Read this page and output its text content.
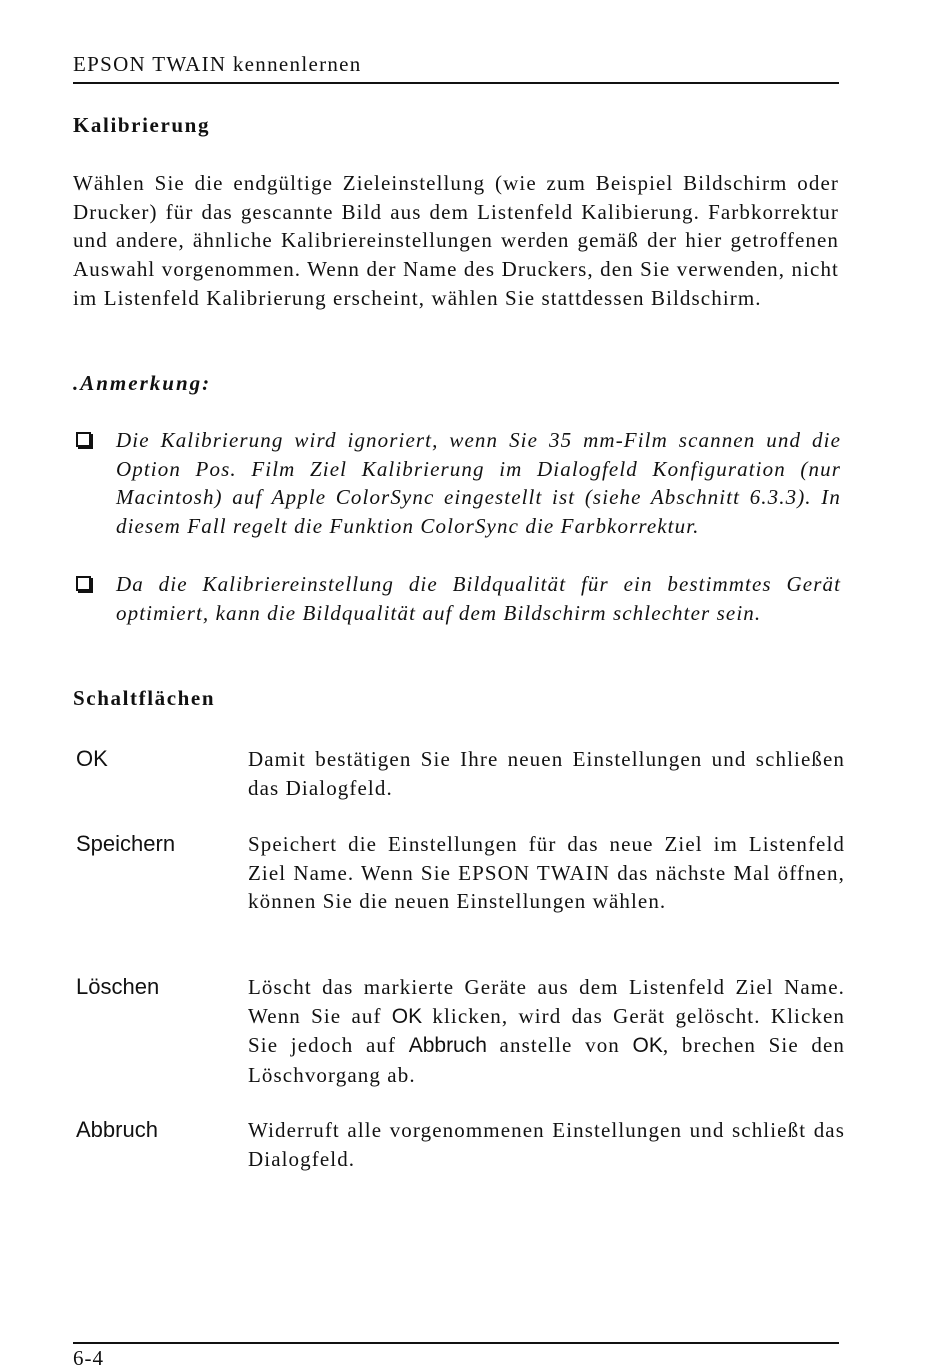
EPSON TWAIN kennenlernen
Kalibrierung
Wählen Sie die endgültige Zieleinstellung (wie zum Beispiel Bildschirm oder Drucker) für das gescannte Bild aus dem Listenfeld Kalibierung. Farbkorrektur und andere, ähnliche Kalibriereinstellungen werden gemäß der hier getroffenen Auswahl vorgenommen. Wenn der Name des Druckers, den Sie verwenden, nicht im Listenfeld Kalibrierung erscheint, wählen Sie stattdessen Bildschirm.
.Anmerkung:
Die Kalibrierung wird ignoriert, wenn Sie 35 mm-Film scannen und die Option Pos. Film Ziel Kalibrierung im Dialogfeld Konfiguration (nur Macintosh) auf Apple ColorSync eingestellt ist (siehe Abschnitt 6.3.3). In diesem Fall regelt die Funktion ColorSync die Farbkorrektur.
Da die Kalibriereinstellung die Bildqualität für ein bestimmtes Gerät optimiert, kann die Bildqualität auf dem Bildschirm schlechter sein.
Schaltflächen
OK	Damit bestätigen Sie Ihre neuen Einstellungen und schließen das Dialogfeld.
Speichern	Speichert die Einstellungen für das neue Ziel im Listenfeld Ziel Name. Wenn Sie EPSON TWAIN das nächste Mal öffnen, können Sie die neuen Einstellungen wählen.
Löschen	Löscht das markierte Geräte aus dem Listenfeld Ziel Name. Wenn Sie auf OK klicken, wird das Gerät gelöscht. Klicken Sie jedoch auf Abbruch anstelle von OK, brechen Sie den Löschvorgang ab.
Abbruch	Widerruft alle vorgenommenen Einstellungen und schließt das Dialogfeld.
6-4
